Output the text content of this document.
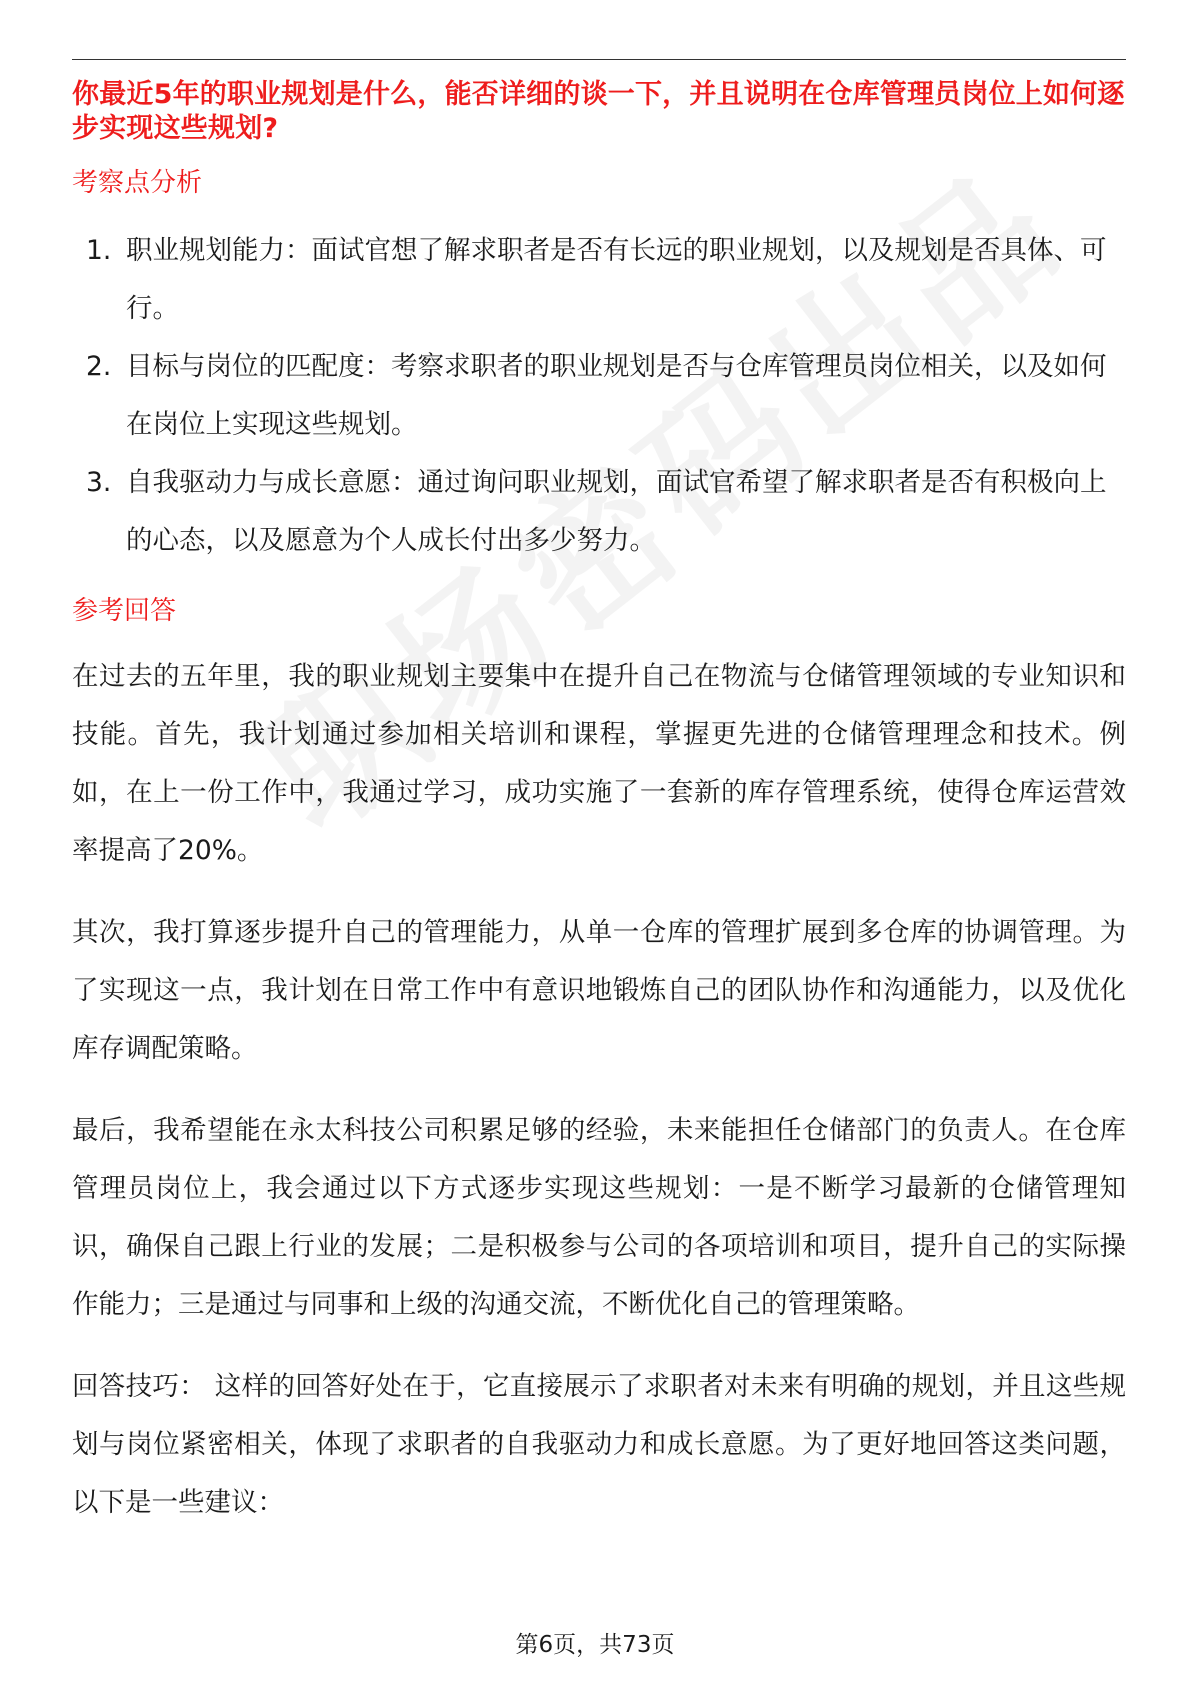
你最近5年的职业规划是什么，能否详细的谈一下，并且说明在仓库管理员岗位上如何逐步实现这些规划?

考察点分析

1. 职业规划能力：面试官想了解求职者是否有长远的职业规划，以及规划是否具体、可行。
2. 目标与岗位的匹配度：考察求职者的职业规划是否与仓库管理员岗位相关，以及如何在岗位上实现这些规划。
3. 自我驱动力与成长意愿：通过询问职业规划，面试官希望了解求职者是否有积极向上的心态，以及愿意为个人成长付出多少努力。

参考回答

在过去的五年里，我的职业规划主要集中在提升自己在物流与仓储管理领域的专业知识和技能。首先，我计划通过参加相关培训和课程，掌握更先进的仓储管理理念和技术。例如，在上一份工作中，我通过学习，成功实施了一套新的库存管理系统，使得仓库运营效率提高了20%。

其次，我打算逐步提升自己的管理能力，从单一仓库的管理扩展到多仓库的协调管理。为了实现这一点，我计划在日常工作中有意识地锻炼自己的团队协作和沟通能力，以及优化库存调配策略。

最后，我希望能在永太科技公司积累足够的经验，未来能担任仓储部门的负责人。在仓库管理员岗位上，我会通过以下方式逐步实现这些规划：一是不断学习最新的仓储管理知识，确保自己跟上行业的发展；二是积极参与公司的各项培训和项目，提升自己的实际操作能力；三是通过与同事和上级的沟通交流，不断优化自己的管理策略。

回答技巧： 这样的回答好处在于，它直接展示了求职者对未来有明确的规划，并且这些规划与岗位紧密相关，体现了求职者的自我驱动力和成长意愿。为了更好地回答这类问题，以下是一些建议：

第6页，共73页
